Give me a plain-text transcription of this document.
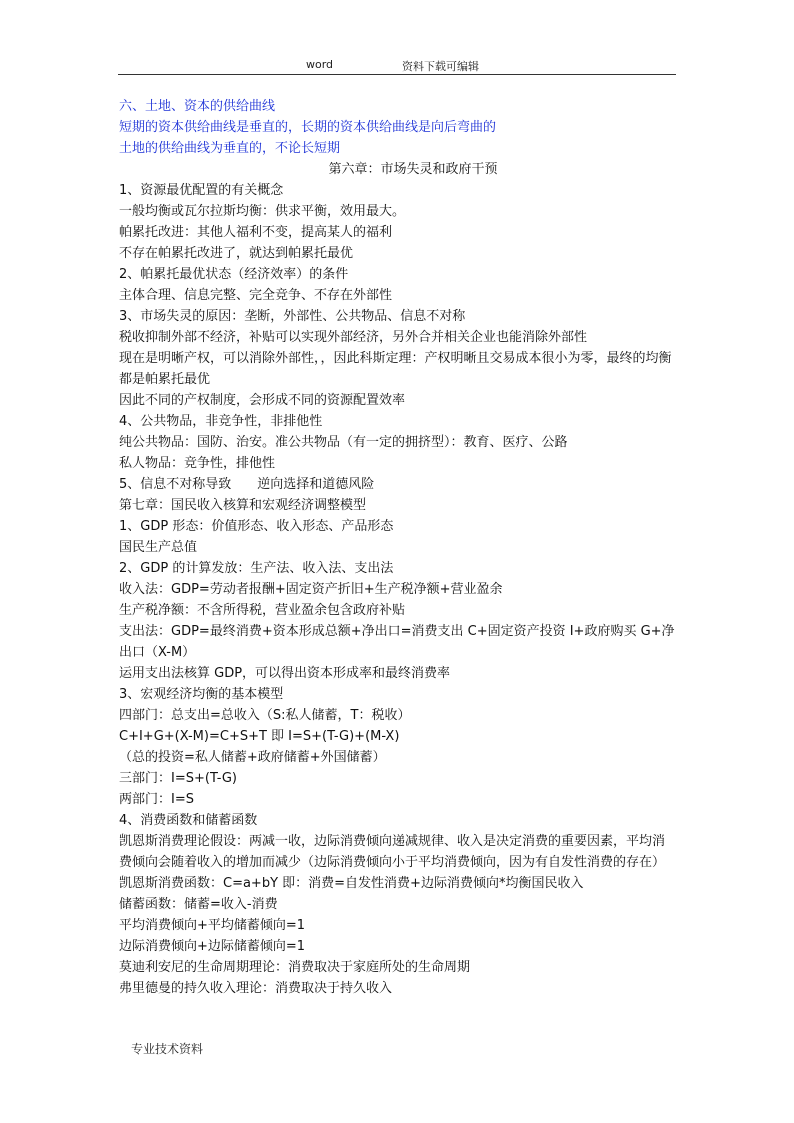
word	资料下载可编辑
六、土地、资本的供给曲线
短期的资本供给曲线是垂直的，长期的资本供给曲线是向后弯曲的
土地的供给曲线为垂直的，不论长短期
第六章：市场失灵和政府干预
1、资源最优配置的有关概念
一般均衡或瓦尔拉斯均衡：供求平衡，效用最大。
帕累托改进：其他人福利不变，提高某人的福利
不存在帕累托改进了，就达到帕累托最优
2、帕累托最优状态（经济效率）的条件
主体合理、信息完整、完全竞争、不存在外部性
3、市场失灵的原因：垄断，外部性、公共物品、信息不对称
税收抑制外部不经济，补贴可以实现外部经济，另外合并相关企业也能消除外部性
现在是明晰产权，可以消除外部性，，因此科斯定理：产权明晰且交易成本很小为零，最终的均衡都是帕累托最优
因此不同的产权制度，会形成不同的资源配置效率
4、公共物品，非竞争性，非排他性
纯公共物品：国防、治安。准公共物品（有一定的拥挤型）：教育、医疗、公路
私人物品：竞争性，排他性
5、信息不对称导致　　逆向选择和道德风险
第七章：国民收入核算和宏观经济调整模型
1、GDP 形态：价值形态、收入形态、产品形态
国民生产总值
2、GDP 的计算发放：生产法、收入法、支出法
收入法：GDP=劳动者报酬+固定资产折旧+生产税净额+营业盈余
生产税净额：不含所得税，营业盈余包含政府补贴
支出法：GDP=最终消费+资本形成总额+净出口=消费支出 C+固定资产投资 I+政府购买 G+净出口（X-M）
运用支出法核算 GDP，可以得出资本形成率和最终消费率
3、宏观经济均衡的基本模型
四部门：总支出=总收入（S:私人储蓄，T：税收）
C+I+G+(X-M)=C+S+T 即 I=S+(T-G)+(M-X)
（总的投资=私人储蓄+政府储蓄+外国储蓄）
三部门：I=S+(T-G)
两部门：I=S
4、消费函数和储蓄函数
凯恩斯消费理论假设：两减一收，边际消费倾向递减规律、收入是决定消费的重要因素，平均消费倾向会随着收入的增加而减少（边际消费倾向小于平均消费倾向，因为有自发性消费的存在）
凯恩斯消费函数：C=a+bY 即：消费=自发性消费+边际消费倾向*均衡国民收入
储蓄函数：储蓄=收入-消费
平均消费倾向+平均储蓄倾向=1
边际消费倾向+边际储蓄倾向=1
莫迪利安尼的生命周期理论：消费取决于家庭所处的生命周期
弗里德曼的持久收入理论：消费取决于持久收入
专业技术资料
